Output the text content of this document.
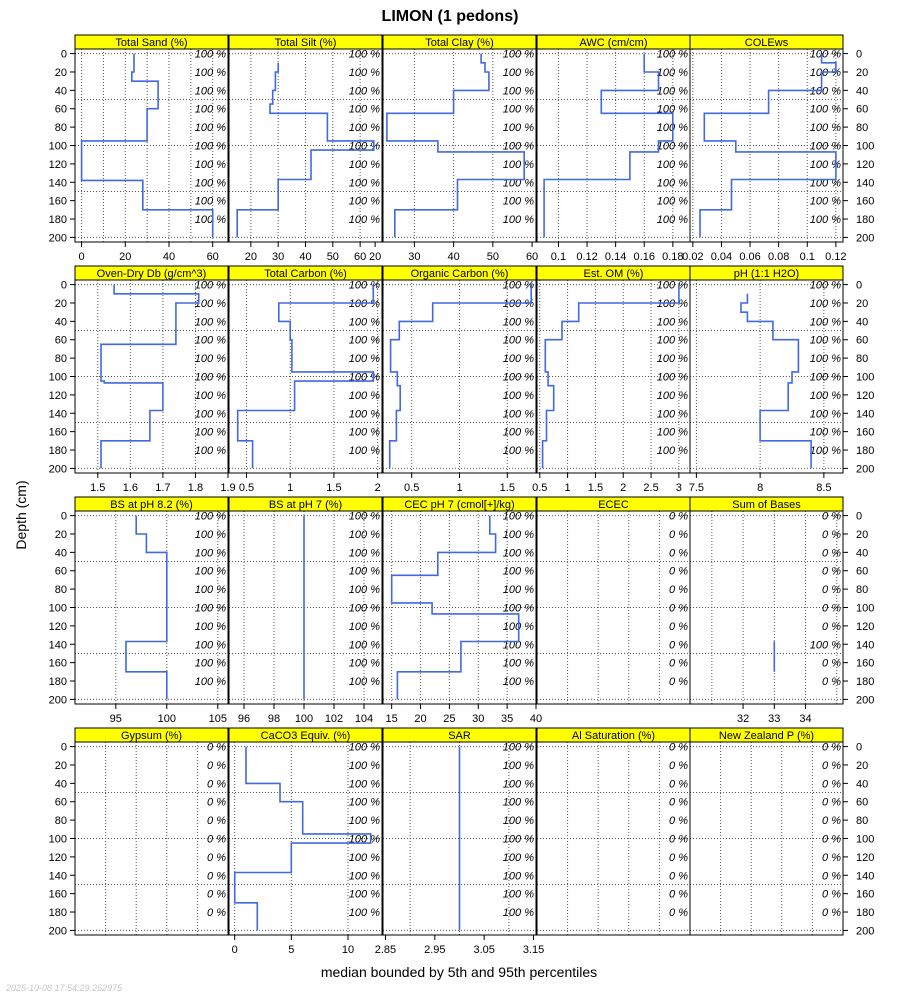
LIMON (1 pedons)
Total Sand (%)
100 %
100 %
100 %
100 %
100 %
100 %
100 %
100 %
100 %
100 %
0	20	40	60
Total Silt (%)
100 %
100 %
100 %
100 %
100 %
100 %
100 %
100 %
100 %
100 %
20 30 40 50 60
Total Clay (%)
100 %
100 %
100 %
100 %
100 %
100 %
100 %
100 %
100 %
100 %
20 30 40 50 60
AWC (cm/cm)
100 %
100 %
100 %
100 %
100 %
100 %
100 %
100 %
100 %
100 %
0.1 0.12 0.14 0.16 0.18
COLEws
100 %
100 %
100 %
100 %
100 %
100 %
100 %
100 %
100 %
100 %
0.02 0.04 0.06 0.08 0.1 0.12
Oven-Dry Db (g/cm^3)
100 %
100 %
100 %
100 %
100 %
100 %
100 %
100 %
100 %
100 %
1.5 1.6 1.7 1.8 1.9
Total Carbon (%)
100 %
100 %
100 %
100 %
100 %
100 %
100 %
100 %
100 %
100 %
0.5	1	1.5	2
Organic Carbon (%)
100 %
100 %
100 %
100 %
100 %
100 %
100 %
100 %
100 %
100 %
0.5	1	1.5
Est. OM (%)
100 %
100 %
100 %
100 %
100 %
100 %
100 %
100 %
100 %
100 %
0.5 1 1.5 2 2.5 3
pH (1:1 H2O)
100 %
100 %
100 %
100 %
100 %
100 %
100 %
100 %
100 %
100 %
7.5	8	8.5
BS at pH 8.2 (%)
100 %
100 %
100 %
100 %
100 %
100 %
100 %
100 %
100 %
100 %
95	100	105
BS at pH 7 (%)
100 %
100 %
100 %
100 %
100 %
100 %
100 %
100 %
100 %
100 %
96 98 100 102 104
CEC pH 7 (cmol[+]/kg)
100 %
100 %
100 %
100 %
100 %
100 %
100 %
100 %
100 %
100 %
15 20 25 30 35 40
ECEC
0 %
0 %
0 %
0 %
0 %
0 %
0 %
0 %
0 %
0 %
Sum of Bases
0 %
0 %
0 %
0 %
0 %
0 %
0 %
100 %
0 %
0 %
32 33 34
Gypsum (%)
0 %
0 %
0 %
0 %
0 %
0 %
0 %
0 %
0 %
0 %
CaCO3 Equiv. (%)
100 %
100 %
100 %
100 %
100 %
100 %
100 %
100 %
100 %
100 %
0	5	10
SAR
100 %
100 %
100 %
100 %
100 %
100 %
100 %
100 %
100 %
100 %
2.85	2.95	3.05	3.15
Al Saturation (%)
0 %
0 %
0 %
0 %
0 %
0 %
0 %
0 %
0 %
0 %
New Zealand P (%)
0 %
0 %
0 %
0 %
0 %
0 %
0 %
0 %
0 %
0 %
0	0
20	20
40	40
60	60
80	80
100	100
120	120
140	140
160	160
180	180
200	200
0	0
20	20
40	40
60	60
80	80
100	100
120	120
140	140
160	160
180	180
200	200
0	0
20	20
40	40
60	60
80	80
100	100
120	120
140	140
160	160
180	180
200	200
0	0
20	20
40	40
60	60
80	80
100	100
120	120
140	140
160	160
180	180
200	200
Depth (cm)
median bounded by 5th and 95th percentiles
2025-10-08 17:54:29.262975
